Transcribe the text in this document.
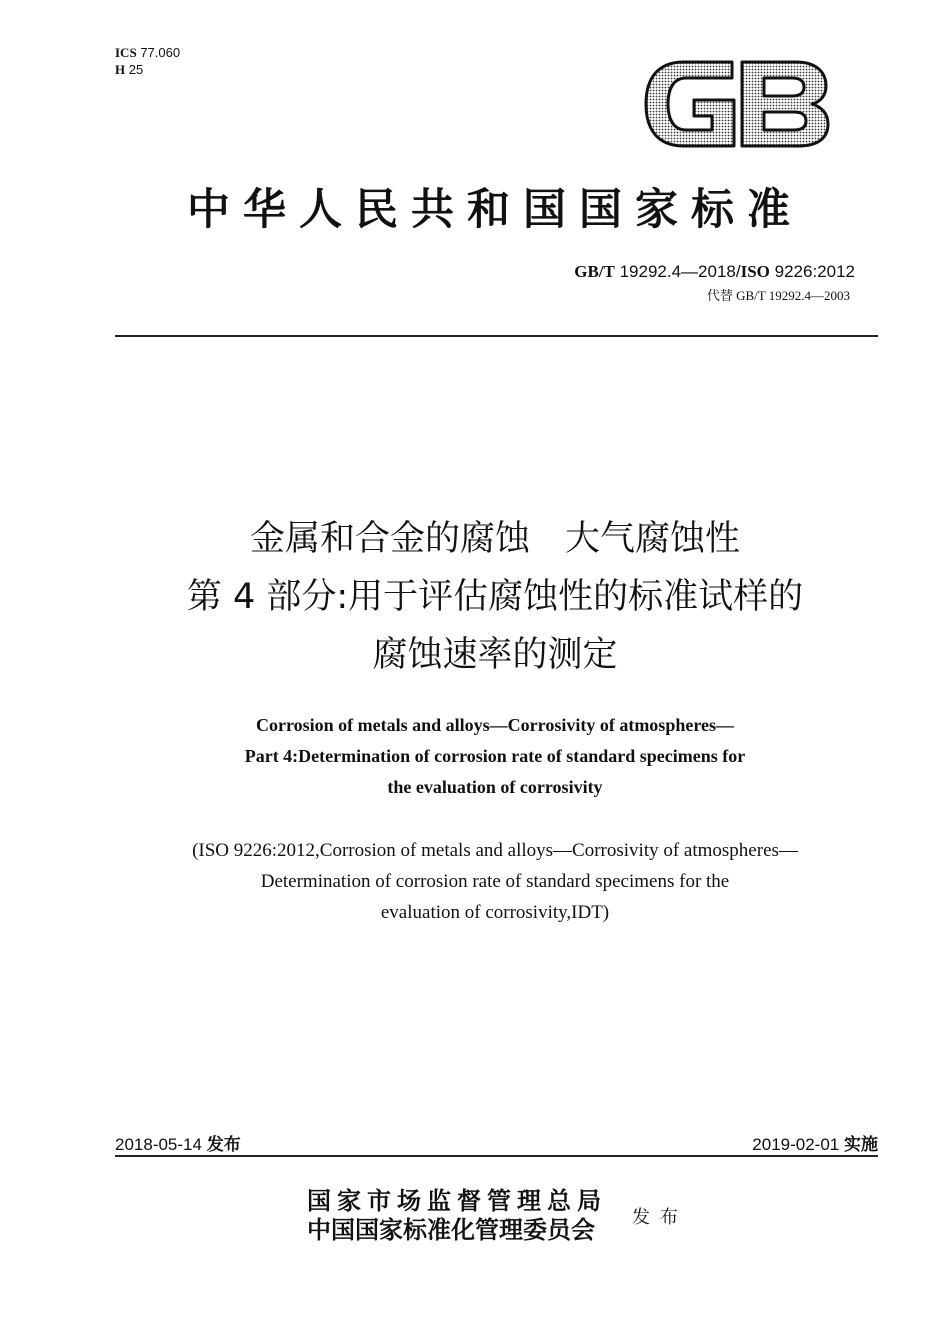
ICS 77.060
H 25
中华人民共和国国家标准
GB/T 19292.4—2018/ISO 9226:2012
代替 GB/T 19292.4—2003
金属和合金的腐蚀　大气腐蚀性
第 4 部分:用于评估腐蚀性的标准试样的
腐蚀速率的测定
Corrosion of metals and alloys—Corrosivity of atmospheres—
Part 4:Determination of corrosion rate of standard specimens for
the evaluation of corrosivity
(ISO 9226:2012,Corrosion of metals and alloys—Corrosivity of atmospheres—
Determination of corrosion rate of standard specimens for the
evaluation of corrosivity,IDT)
2018-05-14 发布	2019-02-01 实施
国家市场监督管理总局
中国国家标准化管理委员会	发布
